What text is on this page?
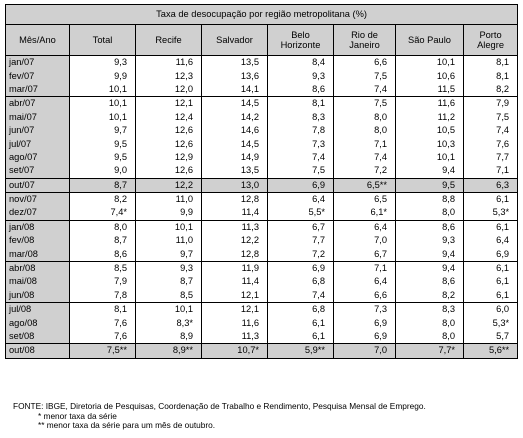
Taxa de desocupação por região metropolitana (%)							
Mês/Ano	Total	Recife	Salvador	Belo Horizonte	Rio de Janeiro	São Paulo	Porto Alegre
jan/07	9,3	11,6	13,5	8,4	6,6	10,1	8,1
fev/07	9,9	12,3	13,6	9,3	7,5	10,6	8,1
mar/07	10,1	12,0	14,1	8,6	7,4	11,5	8,2
abr/07	10,1	12,1	14,5	8,1	7,5	11,6	7,9
mai/07	10,1	12,4	14,2	8,3	8,0	11,2	7,5
jun/07	9,7	12,6	14,6	7,8	8,0	10,5	7,4
jul/07	9,5	12,6	14,5	7,3	7,1	10,3	7,6
ago/07	9,5	12,9	14,9	7,4	7,4	10,1	7,7
set/07	9,0	12,6	13,5	7,5	7,2	9,4	7,1
out/07	8,7	12,2	13,0	6,9	6,5**	9,5	6,3
nov/07	8,2	11,0	12,8	6,4	6,5	8,8	6,1
dez/07	7,4*	9,9	11,4	5,5*	6,1*	8,0	5,3*
jan/08	8,0	10,1	11,3	6,7	6,4	8,6	6,1
fev/08	8,7	11,0	12,2	7,7	7,0	9,3	6,4
mar/08	8,6	9,7	12,8	7,2	6,7	9,4	6,9
abr/08	8,5	9,3	11,9	6,9	7,1	9,4	6,1
mai/08	7,9	8,7	11,4	6,8	6,4	8,6	6,1
jun/08	7,8	8,5	12,1	7,4	6,6	8,2	6,1
jul/08	8,1	10,1	12,1	6,8	7,3	8,3	6,0
ago/08	7,6	8,3*	11,6	6,1	6,9	8,0	5,3*
set/08	7,6	8,9	11,3	6,1	6,9	8,0	5,7
out/08	7,5**	8,9**	10,7*	5,9**	7,0	7,7*	5,6**
FONTE: IBGE, Diretoria de Pesquisas, Coordenação de Trabalho e Rendimento, Pesquisa Mensal de Emprego.
* menor taxa da série
** menor taxa da série para um mês de outubro.
